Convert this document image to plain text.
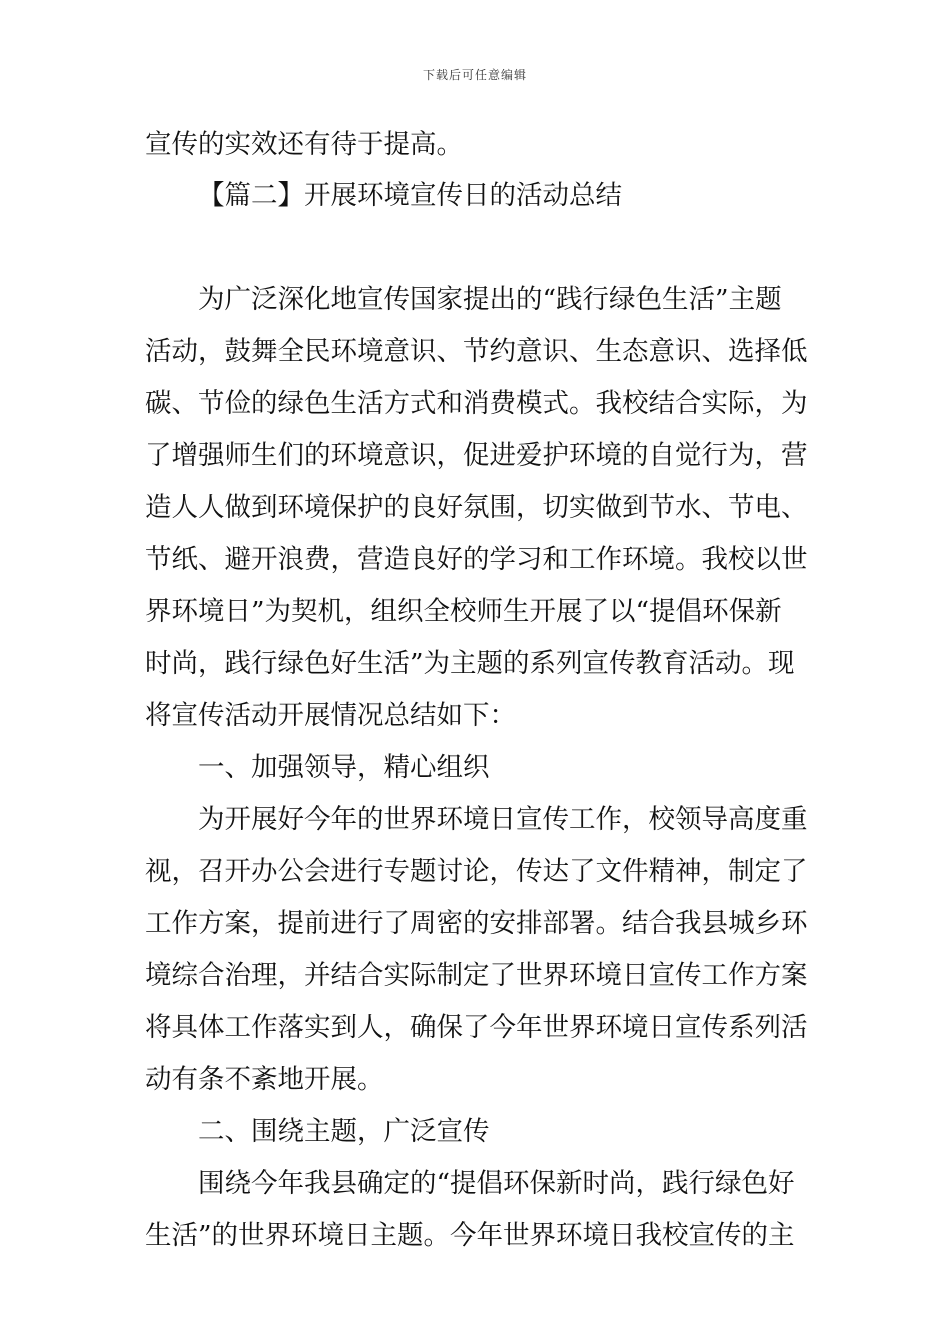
下载后可任意编辑
宣传的实效还有待于提高。
【篇二】开展环境宣传日的活动总结
为广泛深化地宣传国家提出的“践行绿色生活”主题
活动，鼓舞全民环境意识、节约意识、生态意识、选择低
碳、节俭的绿色生活方式和消费模式。我校结合实际，为
了增强师生们的环境意识，促进爱护环境的自觉行为，营
造人人做到环境保护的良好氛围，切实做到节水、节电、
节纸、避开浪费，营造良好的学习和工作环境。我校以世
界环境日”为契机，组织全校师生开展了以“提倡环保新
时尚，践行绿色好生活”为主题的系列宣传教育活动。现
将宣传活动开展情况总结如下：
一、加强领导，精心组织
为开展好今年的世界环境日宣传工作，校领导高度重
视，召开办公会进行专题讨论，传达了文件精神，制定了
工作方案，提前进行了周密的安排部署。结合我县城乡环
境综合治理，并结合实际制定了世界环境日宣传工作方案
将具体工作落实到人，确保了今年世界环境日宣传系列活
动有条不紊地开展。
二、围绕主题，广泛宣传
围绕今年我县确定的“提倡环保新时尚，践行绿色好
生活”的世界环境日主题。今年世界环境日我校宣传的主
